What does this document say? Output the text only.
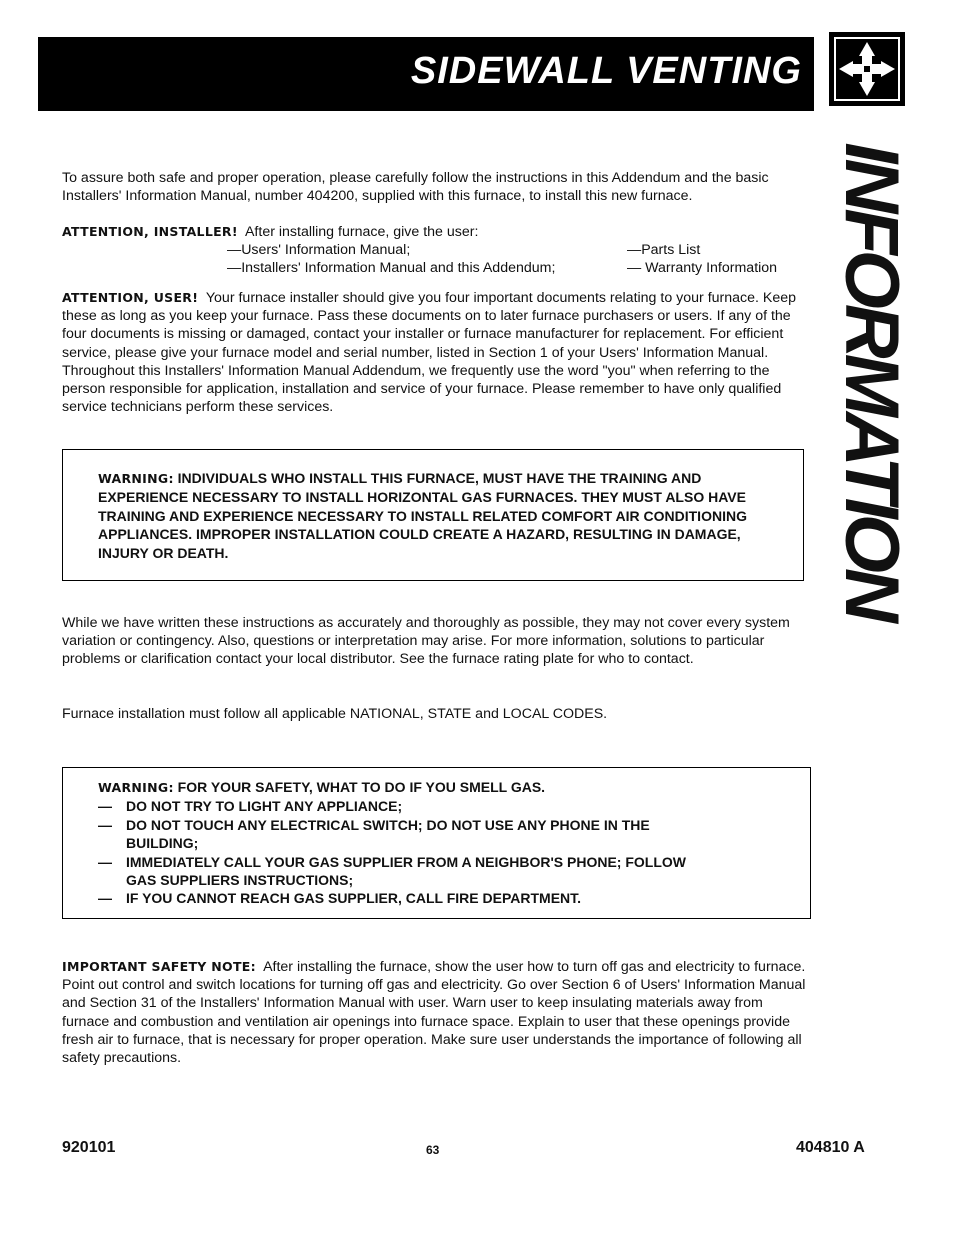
SIDEWALL VENTING
INFORMATION
To assure both safe and proper operation, please carefully follow the instructions in this Addendum and the basic Installers' Information Manual, number 404200, supplied with this furnace, to install this new furnace.
ATTENTION, INSTALLER! After installing furnace, give the user:
—Users' Information Manual;	—Parts List
—Installers' Information Manual and this Addendum;	— Warranty Information
ATTENTION, USER! Your furnace installer should give you four important documents relating to your furnace. Keep these as long as you keep your furnace. Pass these documents on to later furnace purchasers or users. If any of the four documents is missing or damaged, contact your installer or furnace manufacturer for replacement. For efficient service, please give your furnace model and serial number, listed in Section 1 of your Users' Information Manual. Throughout this Installers' Information Manual Addendum, we frequently use the word "you" when referring to the person responsible for application, installation and service of your furnace. Please remember to have only qualified service technicians perform these services.
WARNING: INDIVIDUALS WHO INSTALL THIS FURNACE, MUST HAVE THE TRAINING AND EXPERIENCE NECESSARY TO INSTALL HORIZONTAL GAS FURNACES. THEY MUST ALSO HAVE TRAINING AND EXPERIENCE NECESSARY TO INSTALL RELATED COMFORT AIR CONDITIONING APPLIANCES. IMPROPER INSTALLATION COULD CREATE A HAZARD, RESULTING IN DAMAGE, INJURY OR DEATH.
While we have written these instructions as accurately and thoroughly as possible, they may not cover every system variation or contingency. Also, questions or interpretation may arise. For more information, solutions to particular problems or clarification contact your local distributor. See the furnace rating plate for who to contact.
Furnace installation must follow all applicable NATIONAL, STATE and LOCAL CODES.
WARNING: FOR YOUR SAFETY, WHAT TO DO IF YOU SMELL GAS.
—	DO NOT TRY TO LIGHT ANY APPLIANCE;
—	DO NOT TOUCH ANY ELECTRICAL SWITCH; DO NOT USE ANY PHONE IN THE BUILDING;
—	IMMEDIATELY CALL YOUR GAS SUPPLIER FROM A NEIGHBOR'S PHONE; FOLLOW GAS SUPPLIERS INSTRUCTIONS;
—	IF YOU CANNOT REACH GAS SUPPLIER, CALL FIRE DEPARTMENT.
IMPORTANT SAFETY NOTE: After installing the furnace, show the user how to turn off gas and electricity to furnace. Point out control and switch locations for turning off gas and electricity. Go over Section 6 of Users' Information Manual and Section 31 of the Installers' Information Manual with user. Warn user to keep insulating materials away from furnace and combustion and ventilation air openings into furnace space. Explain to user that these openings provide fresh air to furnace, that is necessary for proper operation. Make sure user understands the importance of following all safety precautions.
920101	63	404810 A
